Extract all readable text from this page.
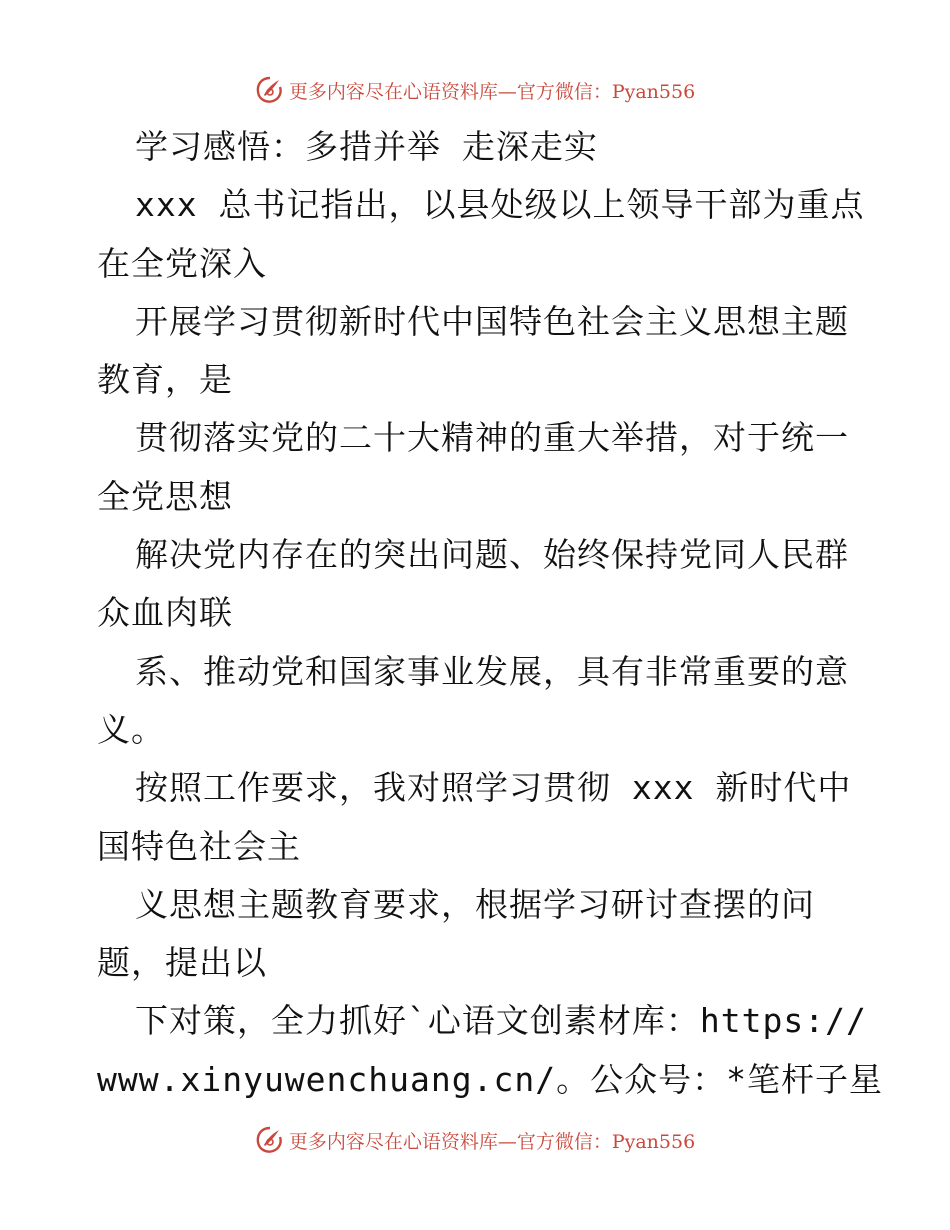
更多内容尽在心语资料库—官方微信：Pyan556
学习感悟：多措并举 走深走实
xxx 总书记指出，以县处级以上领导干部为重点
在全党深入
开展学习贯彻新时代中国特色社会主义思想主题
教育，是
贯彻落实党的二十大精神的重大举措，对于统一
全党思想
解决党内存在的突出问题、始终保持党同人民群
众血肉联
系、推动党和国家事业发展，具有非常重要的意
义。
按照工作要求，我对照学习贯彻 xxx 新时代中
国特色社会主
义思想主题教育要求，根据学习研讨查摆的问
题，提出以
下对策，全力抓好`心语文创素材库：https://
www.xinyuwenchuang.cn/。公众号：*笔杆子星
更多内容尽在心语资料库—官方微信：Pyan556
